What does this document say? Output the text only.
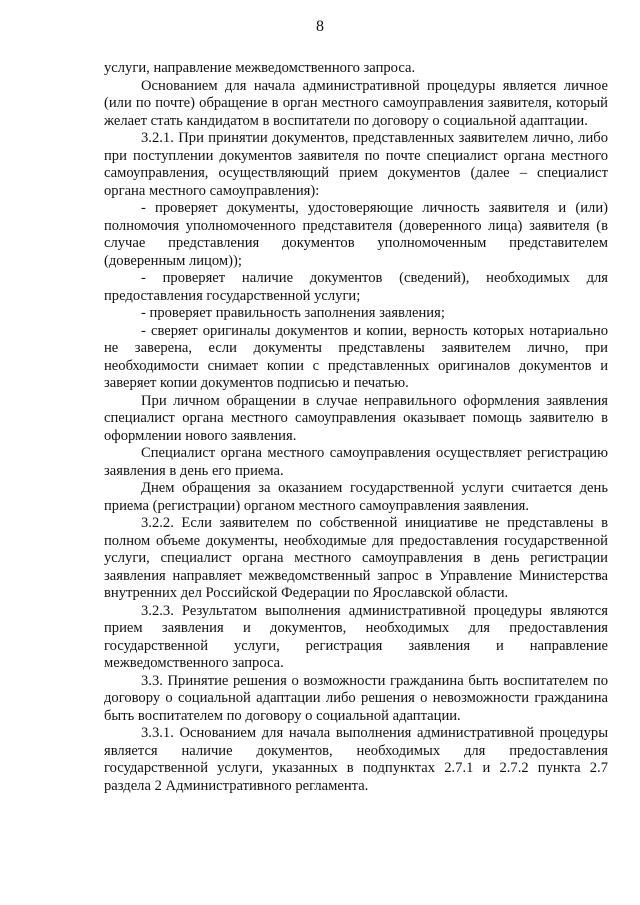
8

услуги, направление межведомственного запроса.

Основанием для начала административной процедуры является личное (или по почте) обращение в орган местного самоуправления заявителя, который желает стать кандидатом в воспитатели по договору о социальной адаптации.

3.2.1. При принятии документов, представленных заявителем лично, либо при поступлении документов заявителя по почте специалист органа местного самоуправления, осуществляющий прием документов (далее – специалист органа местного самоуправления):

- проверяет документы, удостоверяющие личность заявителя и (или) полномочия уполномоченного представителя (доверенного лица) заявителя (в случае представления документов уполномоченным представителем (доверенным лицом));

- проверяет наличие документов (сведений), необходимых для предоставления государственной услуги;

- проверяет правильность заполнения заявления;

- сверяет оригиналы документов и копии, верность которых нотариально не заверена, если документы представлены заявителем лично, при необходимости снимает копии с представленных оригиналов документов и заверяет копии документов подписью и печатью.

При личном обращении в случае неправильного оформления заявления специалист органа местного самоуправления оказывает помощь заявителю в оформлении нового заявления.

Специалист органа местного самоуправления осуществляет регистрацию заявления в день его приема.

Днем обращения за оказанием государственной услуги считается день приема (регистрации) органом местного самоуправления заявления.

3.2.2. Если заявителем по собственной инициативе не представлены в полном объеме документы, необходимые для предоставления государственной услуги, специалист органа местного самоуправления в день регистрации заявления направляет межведомственный запрос в Управление Министерства внутренних дел Российской Федерации по Ярославской области.

3.2.3. Результатом выполнения административной процедуры являются прием заявления и документов, необходимых для предоставления государственной услуги, регистрация заявления и направление межведомственного запроса.

3.3. Принятие решения о возможности гражданина быть воспитателем по договору о социальной адаптации либо решения о невозможности гражданина быть воспитателем по договору о социальной адаптации.

3.3.1. Основанием для начала выполнения административной процедуры является наличие документов, необходимых для предоставления государственной услуги, указанных в подпунктах 2.7.1 и 2.7.2 пункта 2.7 раздела 2 Административного регламента.
